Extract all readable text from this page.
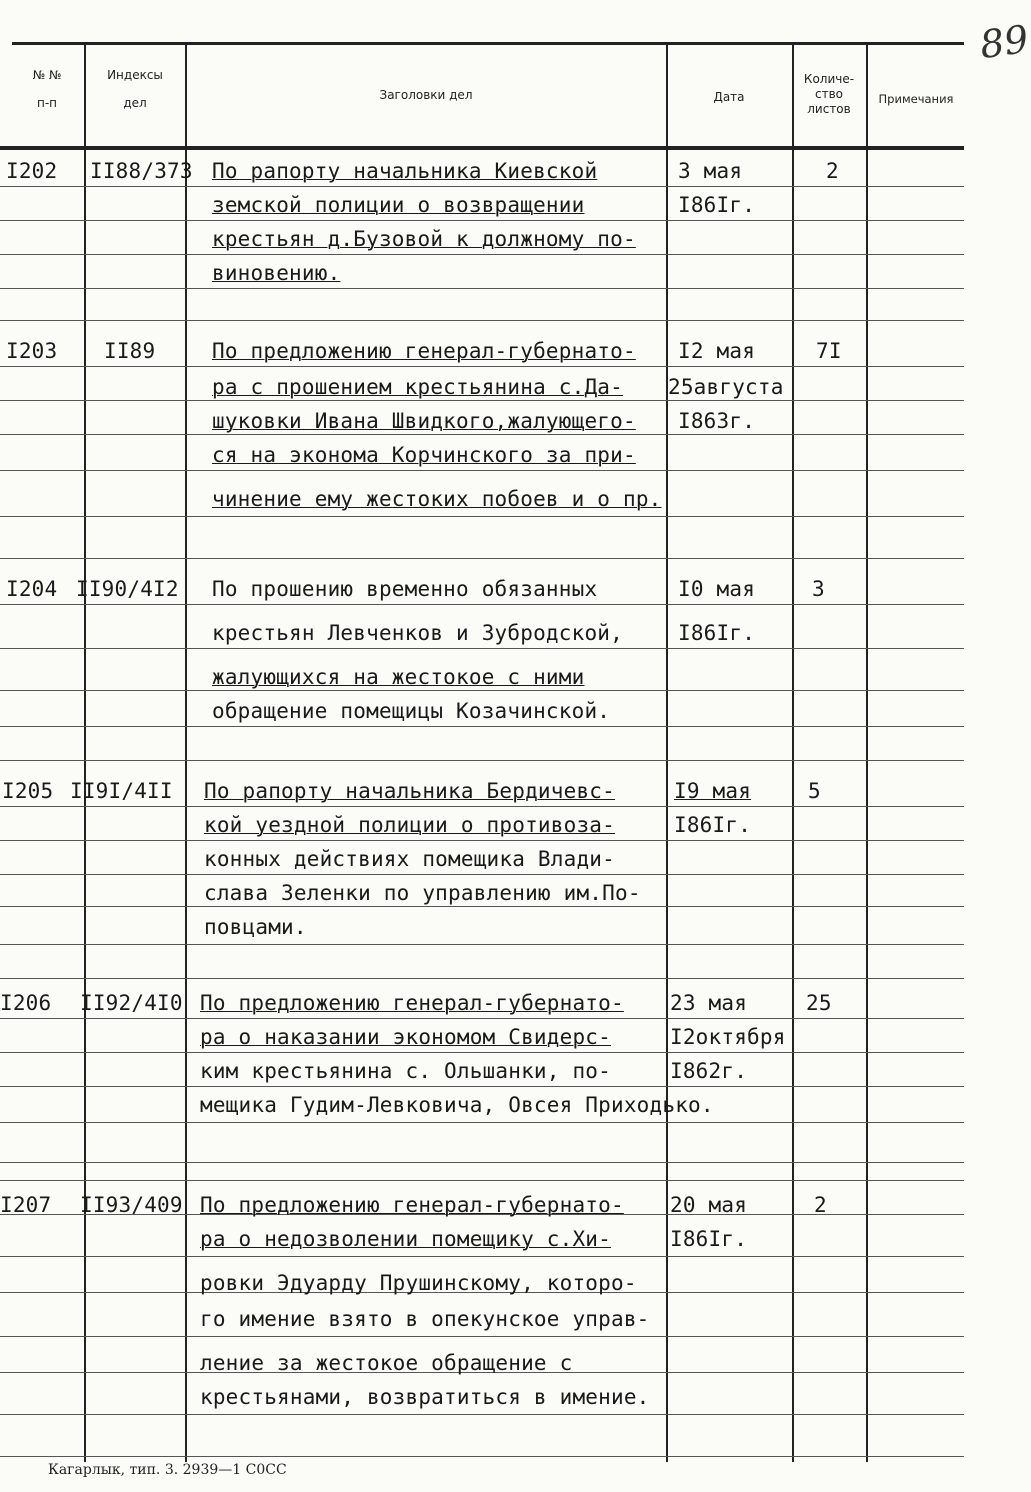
89
№ №
п-п
Индексы
дел
Заголовки дел	Дата
Количе-
ство
листов
Примечания
I202 II88/373 По рапорту начальника Киевской
земской полиции о возвращении
крестьян д.Бузовой к должному по-
виновению.
3 мая
I86Iг.
2
I203 II89	По предложению генерал-губернато-
ра с прошением крестьянина с.Да-
шуковки Ивана Швидкого,жалующего-
ся на эконома Корчинского за при-
чинение ему жестоких побоев и о пр.
I2 мая
25августа
I863г.
7I
I204 II90/4I2 По прошению временно обязанных
крестьян Левченков и Зубродской,
жалующихся на жестокое с ними
обращение помещицы Козачинской.
I0 мая
I86Iг.
3
I205 II9I/4II По рапорту начальника Бердичевс-
кой уездной полиции о противоза-
конных действиях помещика Влади-
слава Зеленки по управлению им.По-
повцами.
I9 мая
I86Iг.
5
I206 II92/4I0 По предложению генерал-губернато-
ра о наказании экономом Свидерс-
ким крестьянина с. Ольшанки, по-
мещика Гудим-Левковича, Овсея Приходько.
23 мая
I2октября
I862г.
25
I207 II93/409 По предложению генерал-губернато-
ра о недозволении помещику с.Хи-
ровки Эдуарду Прушинскому, которо-
го имение взято в опекунское управ-
ление за жестокое обращение с
крестьянами, возвратиться в имение.
20 мая
I86Iг.
2
Кагарлык, тип. 3. 2939—1 C0CC
